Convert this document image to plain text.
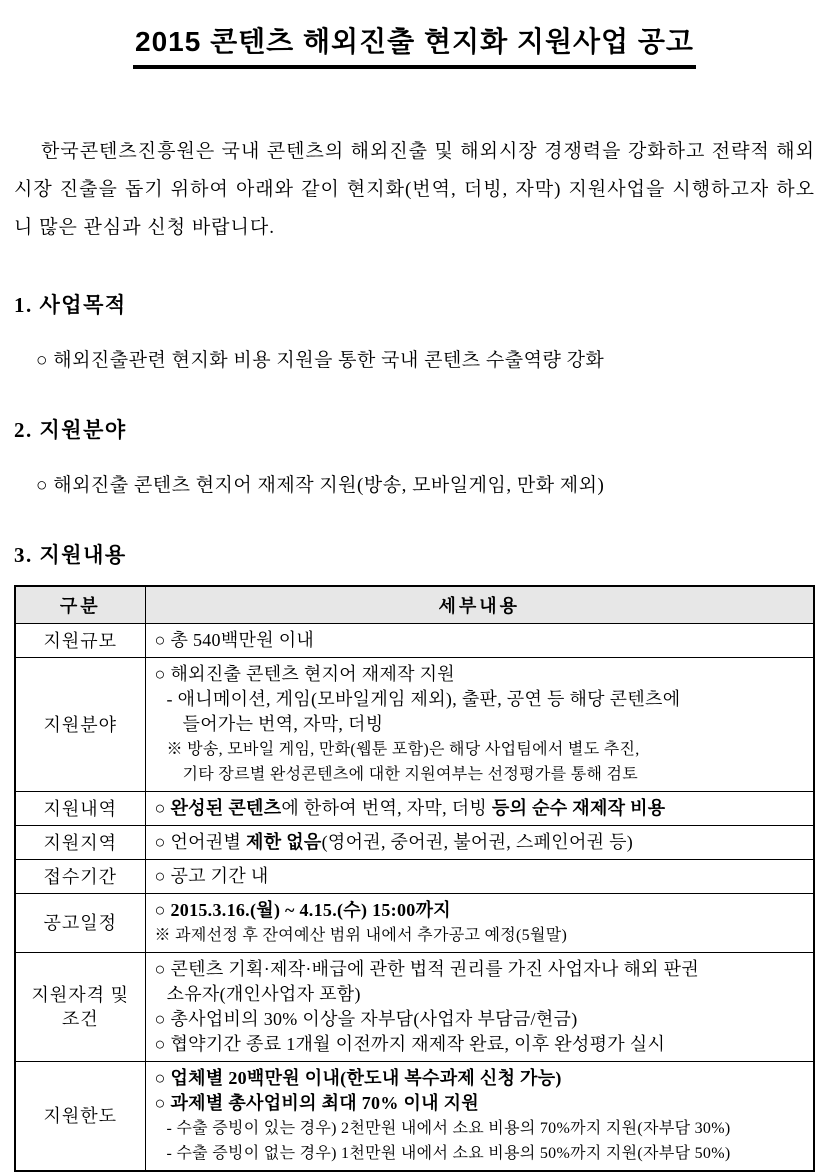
2015 콘텐츠 해외진출 현지화 지원사업 공고

한국콘텐츠진흥원은 국내 콘텐츠의 해외진출 및 해외시장 경쟁력을 강화하고 전략적 해외시장 진출을 돕기 위하여 아래와 같이 현지화(번역, 더빙, 자막) 지원사업을 시행하고자 하오니 많은 관심과 신청 바랍니다.

1. 사업목적
○ 해외진출관련 현지화 비용 지원을 통한 국내 콘텐츠 수출역량 강화
2. 지원분야
○ 해외진출 콘텐츠 현지어 재제작 지원(방송, 모바일게임, 만화 제외)
3. 지원내용
구분	세부내용
지원규모	○ 총 540백만원 이내

지원분야	○ 해외진출 콘텐츠 현지어 재제작 지원
- 애니메이션, 게임(모바일게임 제외), 출판, 공연 등 해당 콘텐츠에
들어가는 번역, 자막, 더빙
※ 방송, 모바일 게임, 만화(웹툰 포함)은 해당 사업팀에서 별도 추진,
기타 장르별 완성콘텐츠에 대한 지원여부는 선정평가를 통해 검토

지원내역	○ 완성된 콘텐츠에 한하여 번역, 자막, 더빙 등의 순수 재제작 비용

지원지역	○ 언어권별 제한 없음(영어권, 중어권, 불어권, 스페인어권 등)

접수기간	○ 공고 기간 내

공고일정	○ 2015.3.16.(월) ~ 4.15.(수) 15:00까지
※ 과제선정 후 잔여예산 범위 내에서 추가공고 예정(5월말)

지원자격 및 조건	○ 콘텐츠 기획·제작·배급에 관한 법적 권리를 가진 사업자나 해외 판권
소유자(개인사업자 포함)
○ 총사업비의 30% 이상을 자부담(사업자 부담금/현금)
○ 협약기간 종료 1개월 이전까지 재제작 완료, 이후 완성평가 실시

지원한도	○ 업체별 20백만원 이내(한도내 복수과제 신청 가능)
○ 과제별 총사업비의 최대 70% 이내 지원
- 수출 증빙이 있는 경우) 2천만원 내에서 소요 비용의 70%까지 지원(자부담 30%)
- 수출 증빙이 없는 경우) 1천만원 내에서 소요 비용의 50%까지 지원(자부담 50%)
